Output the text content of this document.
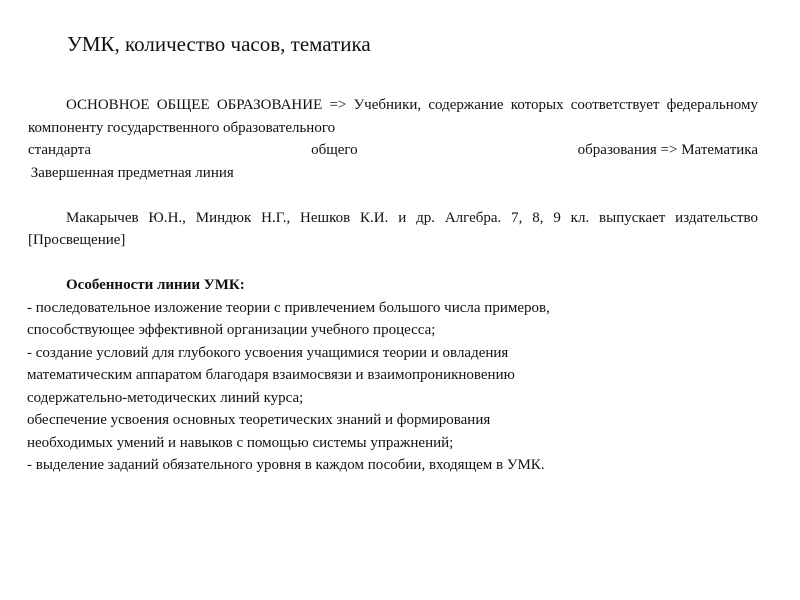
УМК, количество часов, тематика

ОСНОВНОЕ ОБЩЕЕ ОБРАЗОВАНИЕ => Учебники, содержание которых соответствует федеральному компоненту государственного образовательного

стандарта	общего	образования => Математика
Завершенная предметная линия

Макарычев Ю.Н., Миндюк Н.Г., Нешков К.И. и др. Алгебра. 7, 8, 9 кл. выпускает издательство [Просвещение]

Особенности линии УМК:
- последовательное изложение теории с привлечением большого числа примеров,
способствующее эффективной организации учебного процесса;
- создание условий для глубокого усвоения учащимися теории и овладения
математическим аппаратом благодаря взаимосвязи и взаимопроникновению
содержательно-методических линий курса;
обеспечение усвоения основных теоретических знаний и формирования
необходимых умений и навыков с помощью системы упражнений;
- выделение заданий обязательного уровня в каждом пособии, входящем в УМК.
